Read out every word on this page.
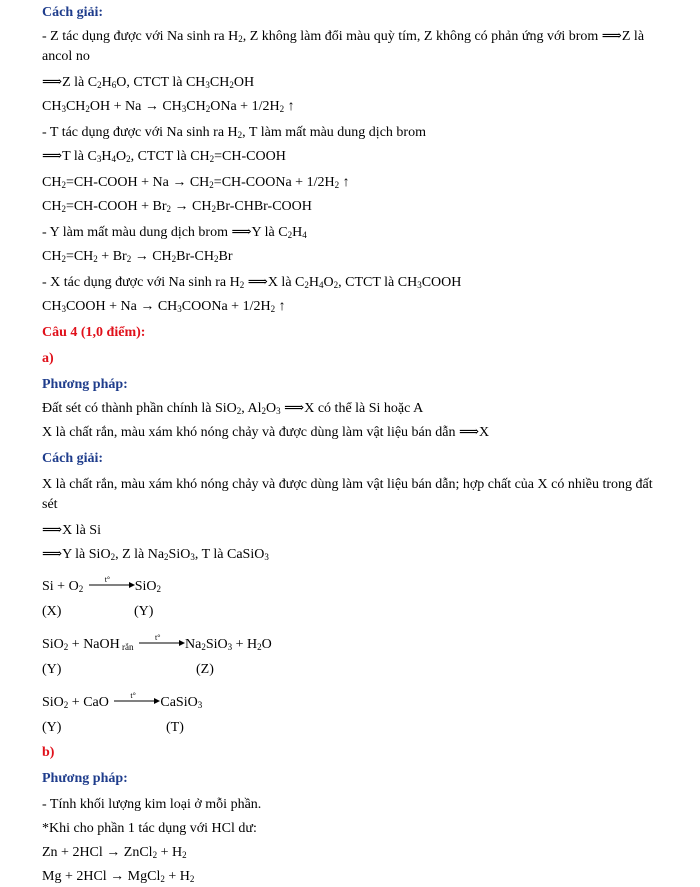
Cách giải:
- Z tác dụng được với Na sinh ra $H_2$, Z không làm đổi màu quỳ tím, Z không có phản ứng với brom ⟹Z là
ancol no
⟹Z là $C_2H_6O$, CTCT là $CH_3CH_2OH$
$CH_3CH_2OH + Na \to CH_3CH_2ONa + 1/2H_2$ ↑
- T tác dụng được với Na sinh ra $H_2$, T làm mất màu dung dịch brom
⟹T là $C_3H_4O_2$, CTCT là $CH_2=CH$-COOH
$CH_2=CH$-COOH + $Na \to CH_2=CH$-COONa + $1/2H_2$ ↑
$CH_2=CH$-COOH + $Br_2$ → $CH_2Br-CHBr$-COOH
- Y làm mất màu dung dịch brom ⟹Y là $C_2H_4$
$CH_2=CH_2 + Br_2 \to CH_2Br-CH_2Br$
- X tác dụng được với Na sinh ra $H_2$ ⟹X là $C_2H_4O_2$, CTCT là $CH_3COOH$
$CH_3COOH + Na$ → $CH_3COONa + 1/2H_2$ ↑
Câu 4 (1,0 điểm):
a)
Phương pháp:
Đất sét có thành phần chính là SiO$_2$, $Al_2O_3$ ⟹X có thể là Si hoặc A
X là chất rắn, màu xám khó nóng chảy và được dùng làm vật liệu bán dẫn ⟹X
Cách giải:
X là chất rắn, màu xám khó nóng chảy và được dùng làm vật liệu bán dẫn; hợp chất của X có nhiều trong đất
sét
⟹X là Si
⟹Y là SiO$_2$, Z là $Na_2SiO_3$, T là CaSiO$_3$
$Si + O_2$
t° SiO$_2$
(X)	(Y)
SiO$_2$ + NaOH $_{rắn}$
t° $Na_2SiO_3 + H_2O$
(Y)	(Z)
SiO$_2$ + CaO	t° CaSiO$_3$
(Y)	(T)
b)
Phương pháp:
- Tính khối lượng kim loại ở mỗi phần.
*Khi cho phần 1 tác dụng với HCl dư:
Zn + 2HCl → ZnCl$_2$ + $H_2$
Mg + 2HCl → MgCl$_2$ + $H_2$
